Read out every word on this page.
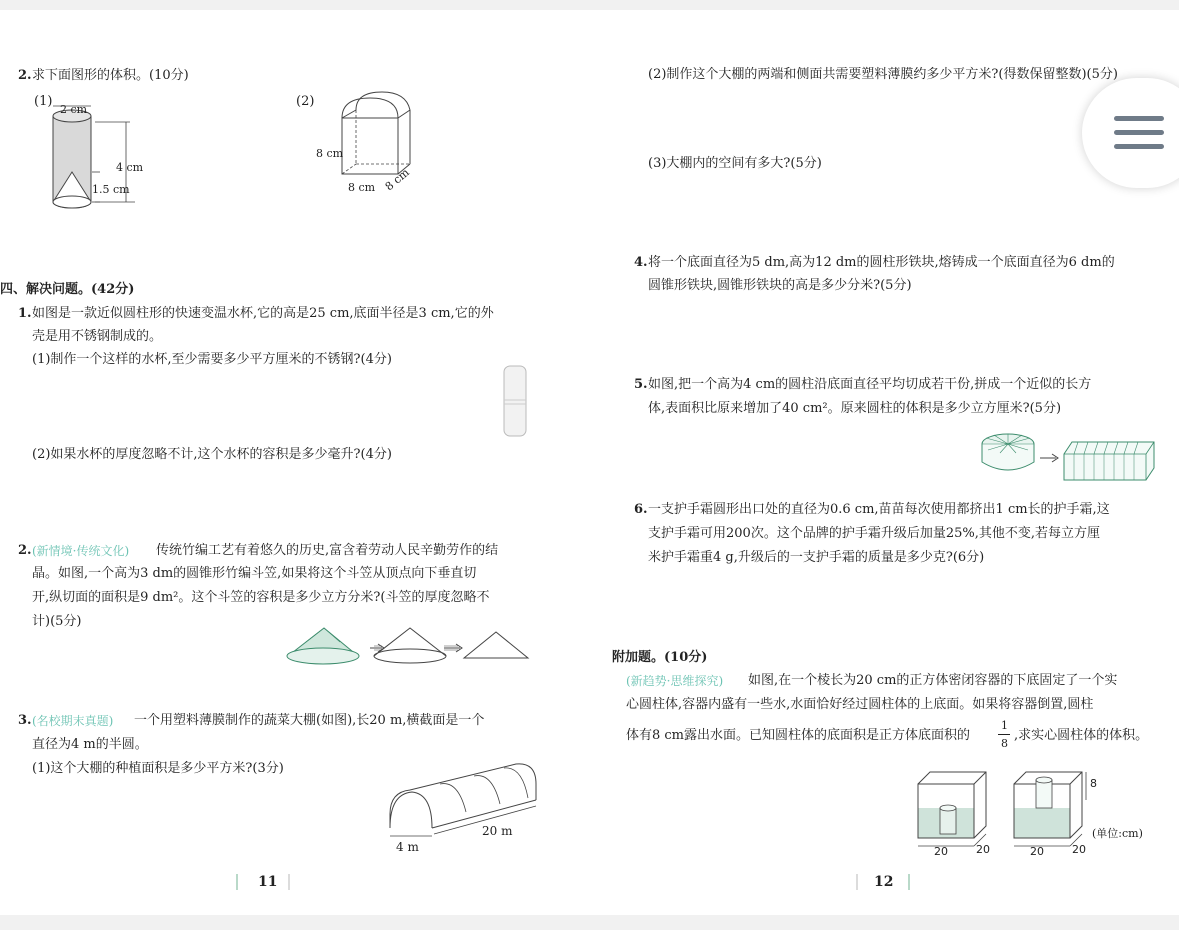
2. 求下面图形的体积。(10分)
(1)
2 cm
4 cm
1.5 cm
(2)
8 cm
8 cm 8 cm
四、解决问题。(42分)
1. 如图是一款近似圆柱形的快速变温水杯,它的高是25 cm,底面半径是3 cm,它的外
壳是用不锈钢制成的。
(1)制作一个这样的水杯,至少需要多少平方厘米的不锈钢?(4分)
(2)如果水杯的厚度忽略不计,这个水杯的容积是多少毫升?(4分)
2. (新情境·传统文化) 传统竹编工艺有着悠久的历史,富含着劳动人民辛勤劳作的结
晶。如图,一个高为3 dm的圆锥形竹编斗笠,如果将这个斗笠从顶点向下垂直切
开,纵切面的面积是9 dm²。这个斗笠的容积是多少立方分米?(斗笠的厚度忽略不
计)(5分)
3. (名校期末真题) 一个用塑料薄膜制作的蔬菜大棚(如图),长20 m,横截面是一个
直径为4 m的半圆。
(1)这个大棚的种植面积是多少平方米?(3分)
4 m
20 m
11
(2)制作这个大棚的两端和侧面共需要塑料薄膜约多少平方米?(得数保留整数)(5分)
(3)大棚内的空间有多大?(5分)
4. 将一个底面直径为5 dm,高为12 dm的圆柱形铁块,熔铸成一个底面直径为6 dm的
圆锥形铁块,圆锥形铁块的高是多少分米?(5分)
5. 如图,把一个高为4 cm的圆柱沿底面直径平均切成若干份,拼成一个近似的长方
体,表面积比原来增加了40 cm²。原来圆柱的体积是多少立方厘米?(5分)
6. 一支护手霜圆形出口处的直径为0.6 cm,苗苗每次使用都挤出1 cm长的护手霜,这
支护手霜可用200次。这个品牌的护手霜升级后加量25%,其他不变,若每立方厘
米护手霜重4 g,升级后的一支护手霜的质量是多少克?(6分)
附加题。(10分)
(新趋势·思维探究) 如图,在一个棱长为20 cm的正方体密闭容器的下底固定了一个实
心圆柱体,容器内盛有一些水,水面恰好经过圆柱体的上底面。如果将容器倒置,圆柱
体有8 cm露出水面。已知圆柱体的底面积是正方体底面积的
1
8
,求实心圆柱体的体积。
20	20	20	20
8
(单位:cm)
12
